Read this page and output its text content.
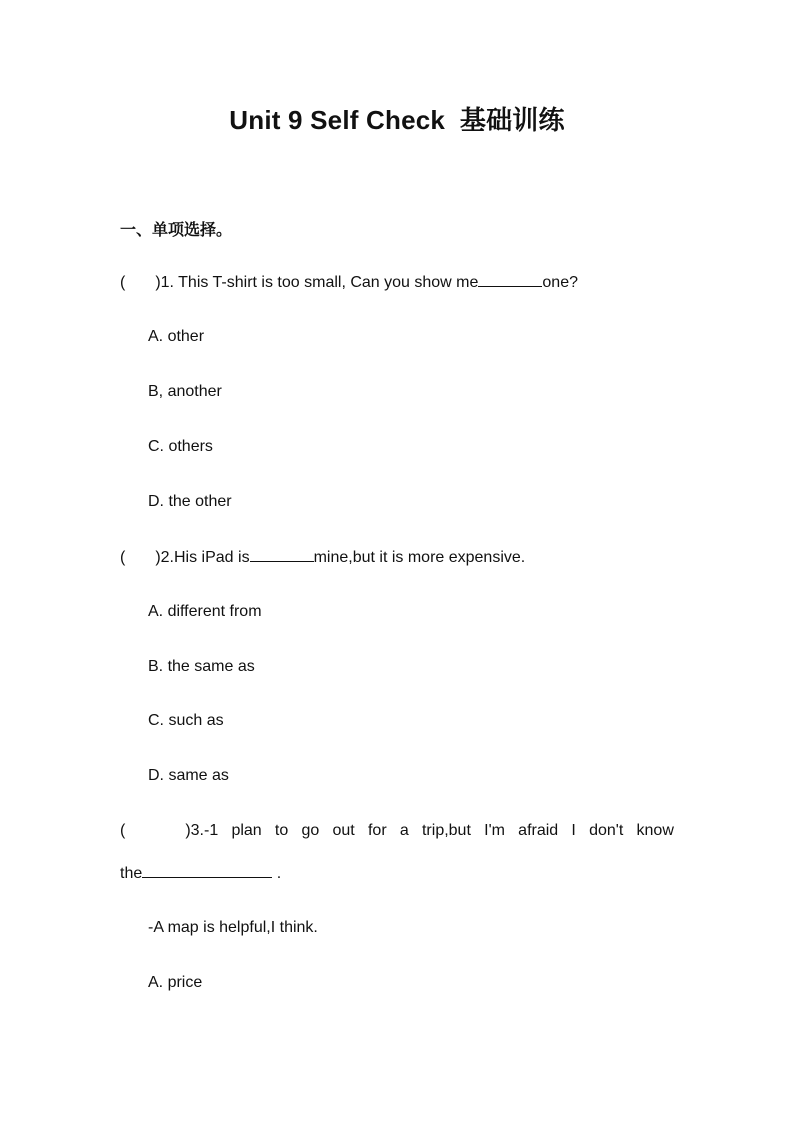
Unit 9 Self Check  基础训练
一、单项选择。
( )1. This T-shirt is too small, Can you show me	one?
A. other
B, another
C. others
D. the other
( )2.His iPad is	mine,but it is more expensive.
A. different from
B. the same as
C. such as
D. same as
(	)3.-1 plan to go out for a trip,but I'm afraid I don't know
the	.
-A map is helpful,I think.
A. price
